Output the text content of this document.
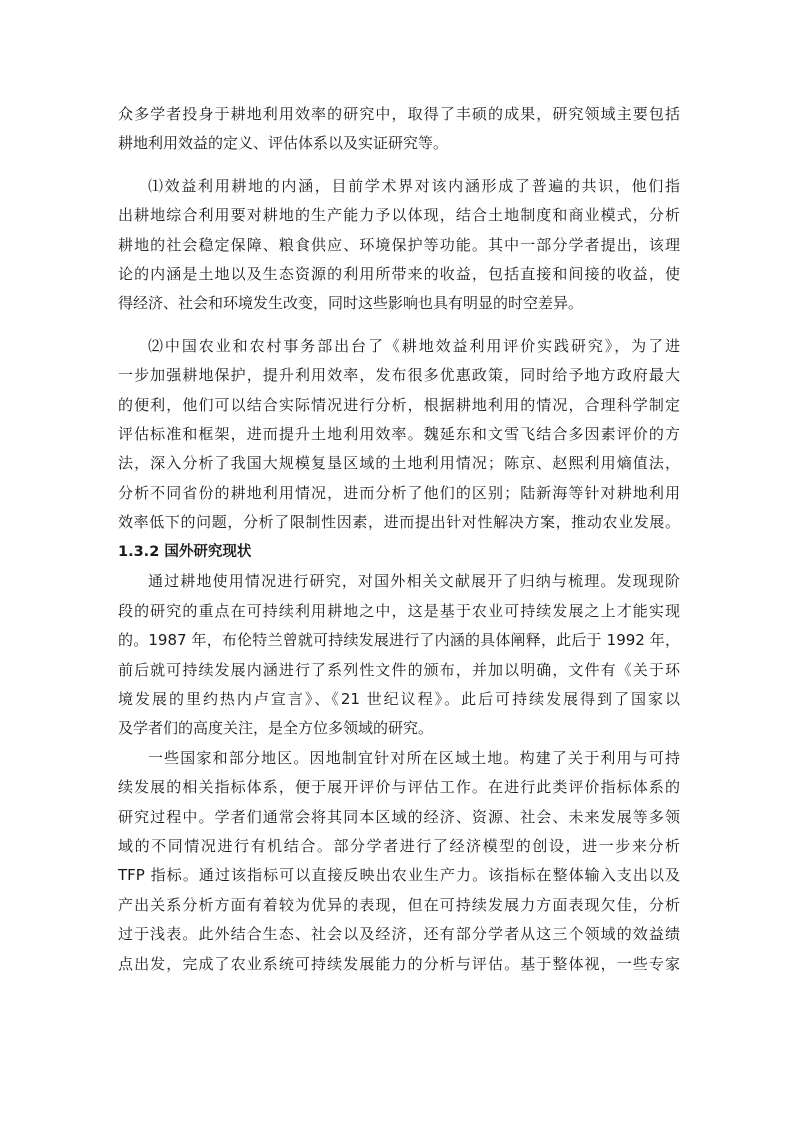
众多学者投身于耕地利用效率的研究中，取得了丰硕的成果，研究领域主要包括
耕地利用效益的定义、评估体系以及实证研究等。
⑴效益利用耕地的内涵，目前学术界对该内涵形成了普遍的共识，他们指
出耕地综合利用要对耕地的生产能力予以体现，结合土地制度和商业模式，分析
耕地的社会稳定保障、粮食供应、环境保护等功能。其中一部分学者提出，该理
论的内涵是土地以及生态资源的利用所带来的收益，包括直接和间接的收益，使
得经济、社会和环境发生改变，同时这些影响也具有明显的时空差异。
⑵中国农业和农村事务部出台了《耕地效益利用评价实践研究》，为了进
一步加强耕地保护，提升利用效率，发布很多优惠政策，同时给予地方政府最大
的便利，他们可以结合实际情况进行分析，根据耕地利用的情况，合理科学制定
评估标准和框架，进而提升土地利用效率。魏延东和文雪飞结合多因素评价的方
法，深入分析了我国大规模复垦区域的土地利用情况；陈京、赵熙利用熵值法，
分析不同省份的耕地利用情况，进而分析了他们的区别；陆新海等针对耕地利用
效率低下的问题，分析了限制性因素，进而提出针对性解决方案，推动农业发展。
1.3.2 国外研究现状
通过耕地使用情况进行研究，对国外相关文献展开了归纳与梳理。发现现阶
段的研究的重点在可持续利用耕地之中，这是基于农业可持续发展之上才能实现
的。1987 年，布伦特兰曾就可持续发展进行了内涵的具体阐释，此后于 1992 年，
前后就可持续发展内涵进行了系列性文件的颁布，并加以明确，文件有《关于环
境发展的里约热内卢宣言》、《21 世纪议程》。此后可持续发展得到了国家以
及学者们的高度关注，是全方位多领域的研究。
一些国家和部分地区。因地制宜针对所在区域土地。构建了关于利用与可持
续发展的相关指标体系，便于展开评价与评估工作。在进行此类评价指标体系的
研究过程中。学者们通常会将其同本区域的经济、资源、社会、未来发展等多领
域的不同情况进行有机结合。部分学者进行了经济模型的创设，进一步来分析
TFP 指标。通过该指标可以直接反映出农业生产力。该指标在整体输入支出以及
产出关系分析方面有着较为优异的表现，但在可持续发展力方面表现欠佳，分析
过于浅表。此外结合生态、社会以及经济，还有部分学者从这三个领域的效益绩
点出发，完成了农业系统可持续发展能力的分析与评估。基于整体视，一些专家
